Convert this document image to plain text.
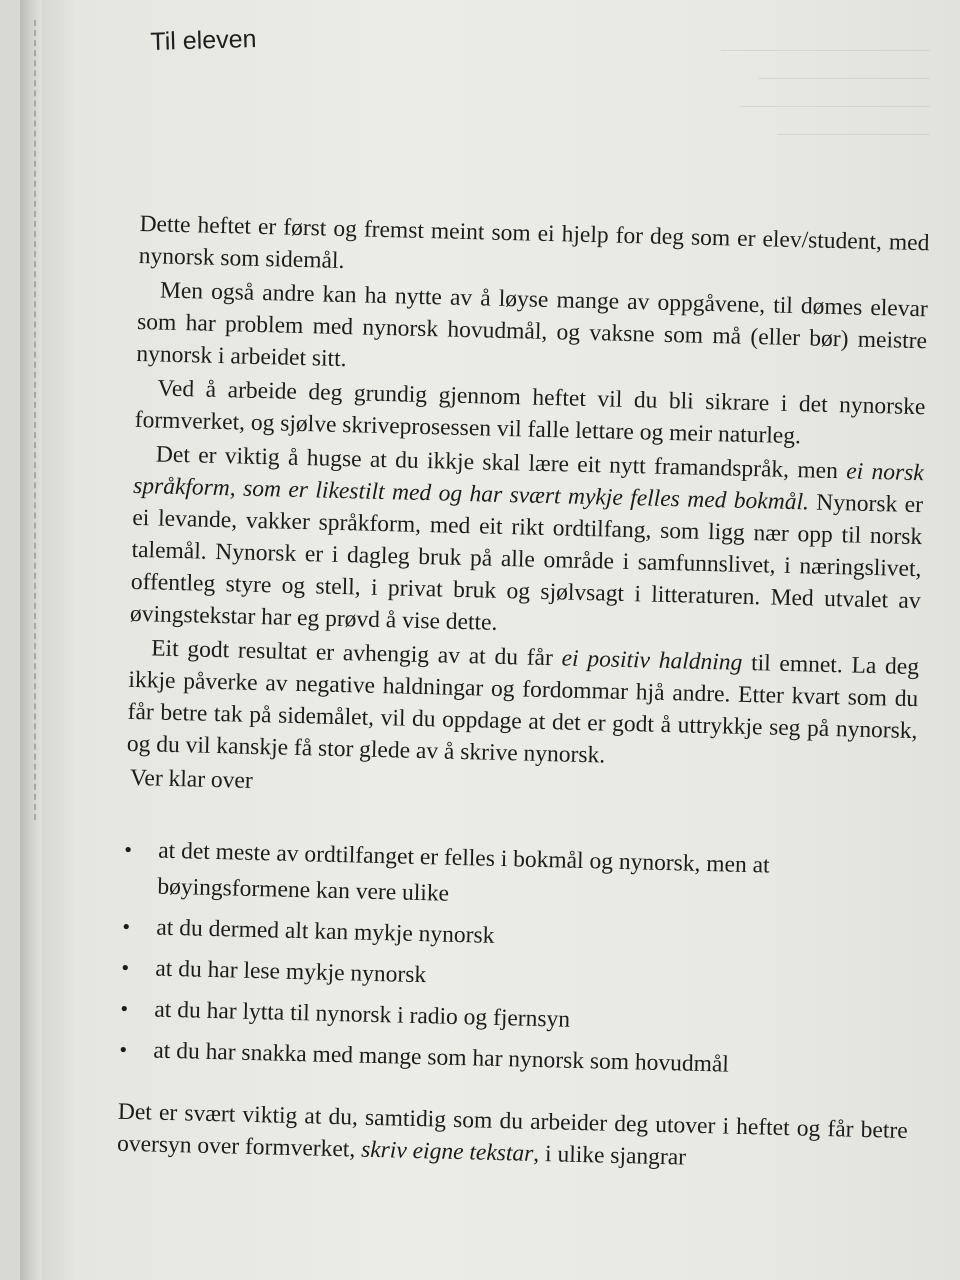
———————————
—————————
——————————
————————
Til eleven

Dette heftet er først og fremst meint som ei hjelp for deg som er elev/student, med nynorsk som sidemål.

Men også andre kan ha nytte av å løyse mange av oppgåvene, til dømes elevar som har problem med nynorsk hovudmål, og vaksne som må (eller bør) meistre nynorsk i arbeidet sitt.

Ved å arbeide deg grundig gjennom heftet vil du bli sikrare i det nynorske formverket, og sjølve skriveprosessen vil falle lettare og meir naturleg.

Det er viktig å hugse at du ikkje skal lære eit nytt framandspråk, men ei norsk språkform, som er likestilt med og har svært mykje felles med bokmål. Nynorsk er ei levande, vakker språkform, med eit rikt ordtilfang, som ligg nær opp til norsk talemål. Nynorsk er i dagleg bruk på alle område i samfunnslivet, i næringslivet, offentleg styre og stell, i privat bruk og sjølvsagt i litteraturen. Med utvalet av øvingstekstar har eg prøvd å vise dette.

Eit godt resultat er avhengig av at du får ei positiv haldning til emnet. La deg ikkje påverke av negative haldningar og fordommar hjå andre. Etter kvart som du får betre tak på sidemålet, vil du oppdage at det er godt å uttrykkje seg på nynorsk, og du vil kanskje få stor glede av å skrive nynorsk.

Ver klar over

• at det meste av ordtilfanget er felles i bokmål og nynorsk, men at bøyingsformene kan vere ulike
• at du dermed alt kan mykje nynorsk
• at du har lese mykje nynorsk
• at du har lytta til nynorsk i radio og fjernsyn
• at du har snakka med mange som har nynorsk som hovudmål

Det er svært viktig at du, samtidig som du arbeider deg utover i heftet og får betre oversyn over formverket, skriv eigne tekstar, i ulike sjangrar
